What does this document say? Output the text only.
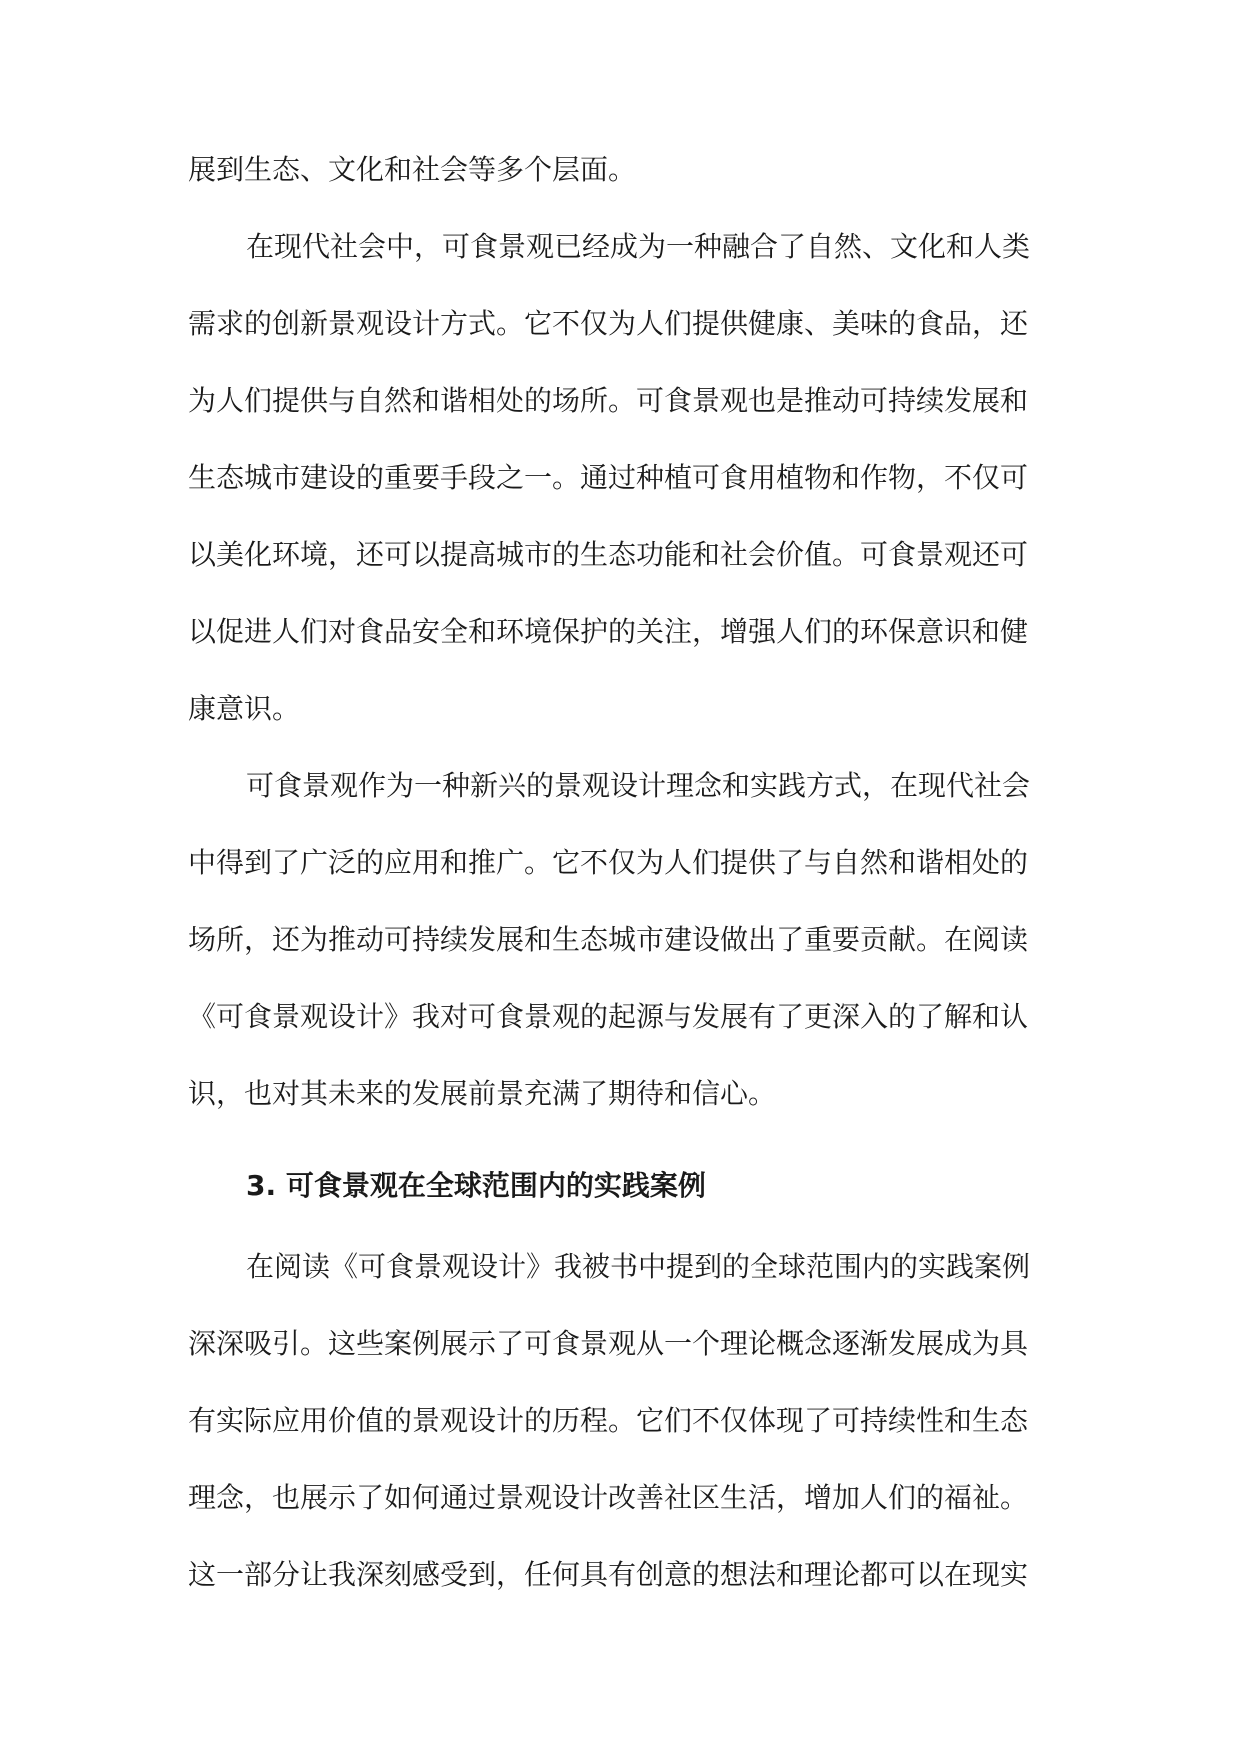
展到生态、文化和社会等多个层面。
在现代社会中，可食景观已经成为一种融合了自然、文化和人类
需求的创新景观设计方式。它不仅为人们提供健康、美味的食品，还
为人们提供与自然和谐相处的场所。可食景观也是推动可持续发展和
生态城市建设的重要手段之一。通过种植可食用植物和作物，不仅可
以美化环境，还可以提高城市的生态功能和社会价值。可食景观还可
以促进人们对食品安全和环境保护的关注，增强人们的环保意识和健
康意识。
可食景观作为一种新兴的景观设计理念和实践方式，在现代社会
中得到了广泛的应用和推广。它不仅为人们提供了与自然和谐相处的
场所，还为推动可持续发展和生态城市建设做出了重要贡献。在阅读
《可食景观设计》我对可食景观的起源与发展有了更深入的了解和认
识，也对其未来的发展前景充满了期待和信心。
3. 可食景观在全球范围内的实践案例
在阅读《可食景观设计》我被书中提到的全球范围内的实践案例
深深吸引。这些案例展示了可食景观从一个理论概念逐渐发展成为具
有实际应用价值的景观设计的历程。它们不仅体现了可持续性和生态
理念，也展示了如何通过景观设计改善社区生活，增加人们的福祉。
这一部分让我深刻感受到，任何具有创意的想法和理论都可以在现实
